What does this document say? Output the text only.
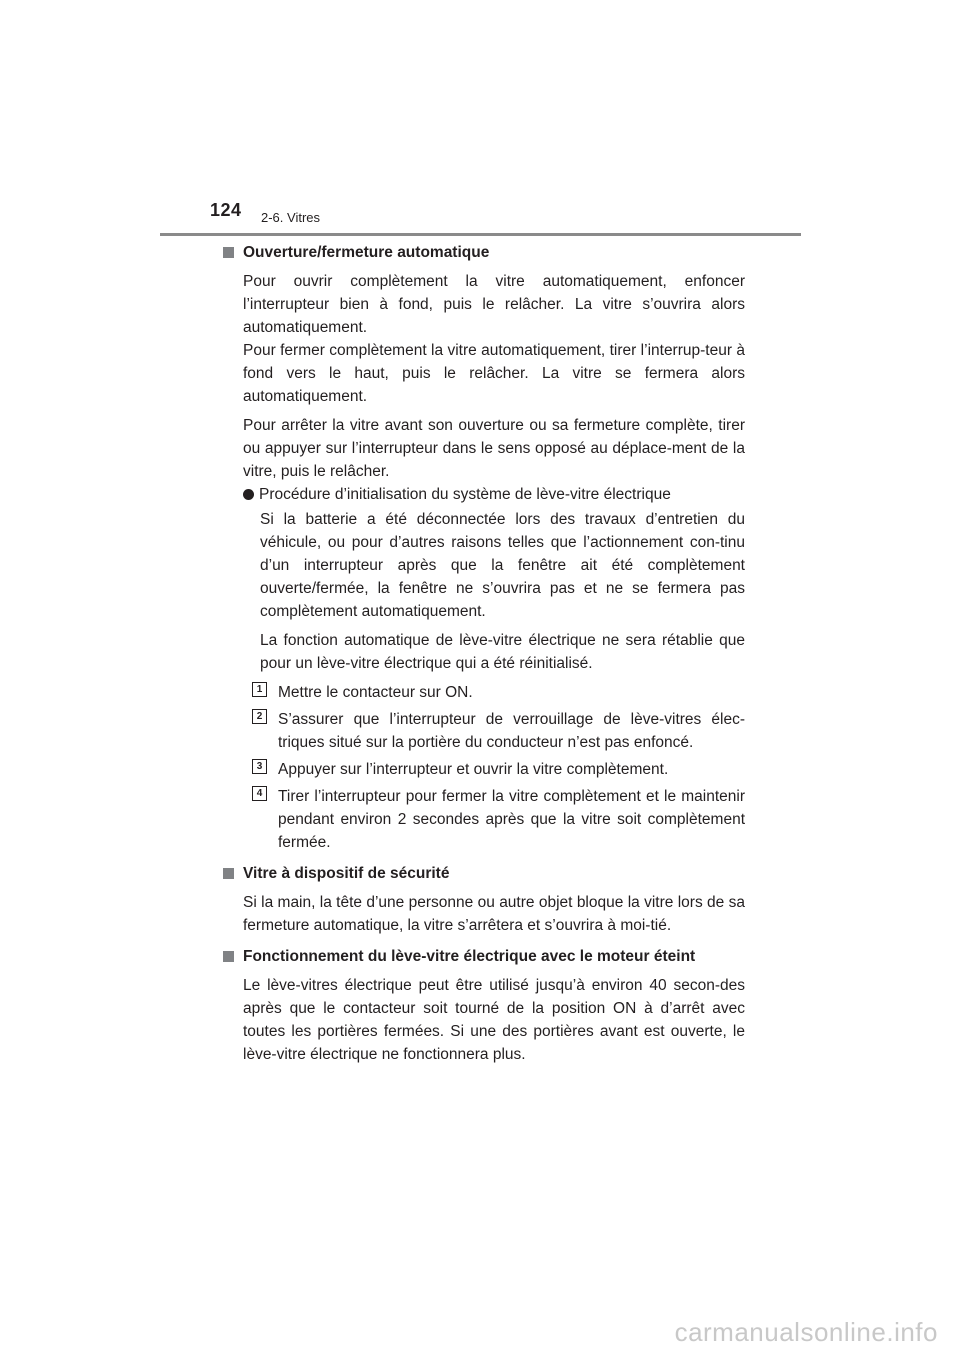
124 2-6. Vitres
Ouverture/fermeture automatique

Pour ouvrir complètement la vitre automatiquement, enfoncer l’interrupteur bien à fond, puis le relâcher. La vitre s’ouvrira alors automatiquement.

Pour fermer complètement la vitre automatiquement, tirer l’interrup-teur à fond vers le haut, puis le relâcher. La vitre se fermera alors automatiquement.

Pour arrêter la vitre avant son ouverture ou sa fermeture complète, tirer ou appuyer sur l’interrupteur dans le sens opposé au déplace-ment de la vitre, puis le relâcher.

Procédure d’initialisation du système de lève-vitre électrique

Si la batterie a été déconnectée lors des travaux d’entretien du véhicule, ou pour d’autres raisons telles que l’actionnement con-tinu d’un interrupteur après que la fenêtre ait été complètement ouverte/fermée, la fenêtre ne s’ouvrira pas et ne se fermera pas complètement automatiquement.

La fonction automatique de lève-vitre électrique ne sera rétablie que pour un lève-vitre électrique qui a été réinitialisé.

1	Mettre le contacteur sur ON.
2	S’assurer que l’interrupteur de verrouillage de lève-vitres élec-triques situé sur la portière du conducteur n’est pas enfoncé.
3	Appuyer sur l’interrupteur et ouvrir la vitre complètement.
4	Tirer l’interrupteur pour fermer la vitre complètement et le maintenir pendant environ 2 secondes après que la vitre soit complètement fermée.
Vitre à dispositif de sécurité

Si la main, la tête d’une personne ou autre objet bloque la vitre lors de sa fermeture automatique, la vitre s’arrêtera et s’ouvrira à moi-tié.

Fonctionnement du lève-vitre électrique avec le moteur éteint

Le lève-vitres électrique peut être utilisé jusqu’à environ 40 secon-des après que le contacteur soit tourné de la position ON à d’arrêt avec toutes les portières fermées. Si une des portières avant est ouverte, le lève-vitre électrique ne fonctionnera plus.

carmanualsonline.info
